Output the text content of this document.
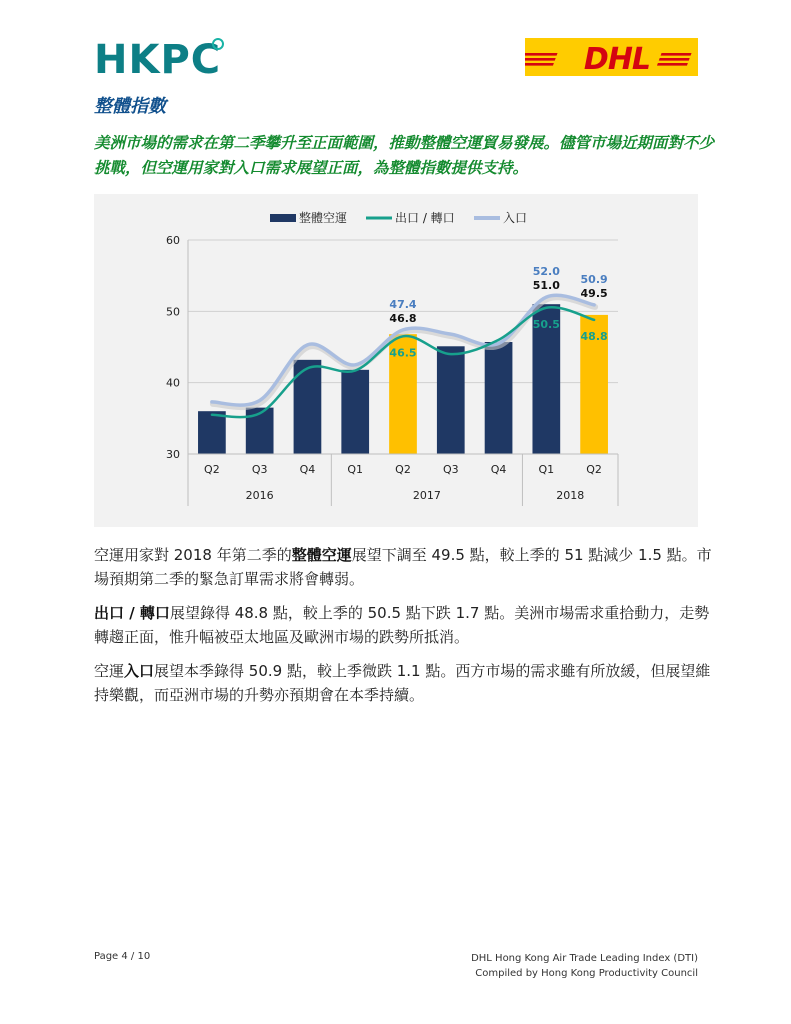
HKPC	DHL
整體指數

美洲市場的需求在第二季攀升至正面範圍，推動整體空運貿易發展。儘管市場近期面對不少挑戰，但空運用家對入口需求展望正面，為整體指數提供支持。

30
40
50
60
Q2	Q3	Q4	Q1	Q2	Q3	Q4	Q1	Q2
2016	2017	2018
47.4
46.8
46.5
52.0
51.0
50.5
50.9
49.5
48.8
整體空運	出口 / 轉口	入口

空運用家對 2018 年第二季的整體空運展望下調至 49.5 點，較上季的 51 點減少 1.5 點。市場預期第二季的緊急訂單需求將會轉弱。

出口 / 轉口展望錄得 48.8 點，較上季的 50.5 點下跌 1.7 點。美洲市場需求重拾動力，走勢轉趨正面，惟升幅被亞太地區及歐洲市場的跌勢所抵消。

空運入口展望本季錄得 50.9 點，較上季微跌 1.1 點。西方市場的需求雖有所放緩，但展望維持樂觀，而亞洲市場的升勢亦預期會在本季持續。

Page 4 / 10	DHL Hong Kong Air Trade Leading Index (DTI)
Compiled by Hong Kong Productivity Council
